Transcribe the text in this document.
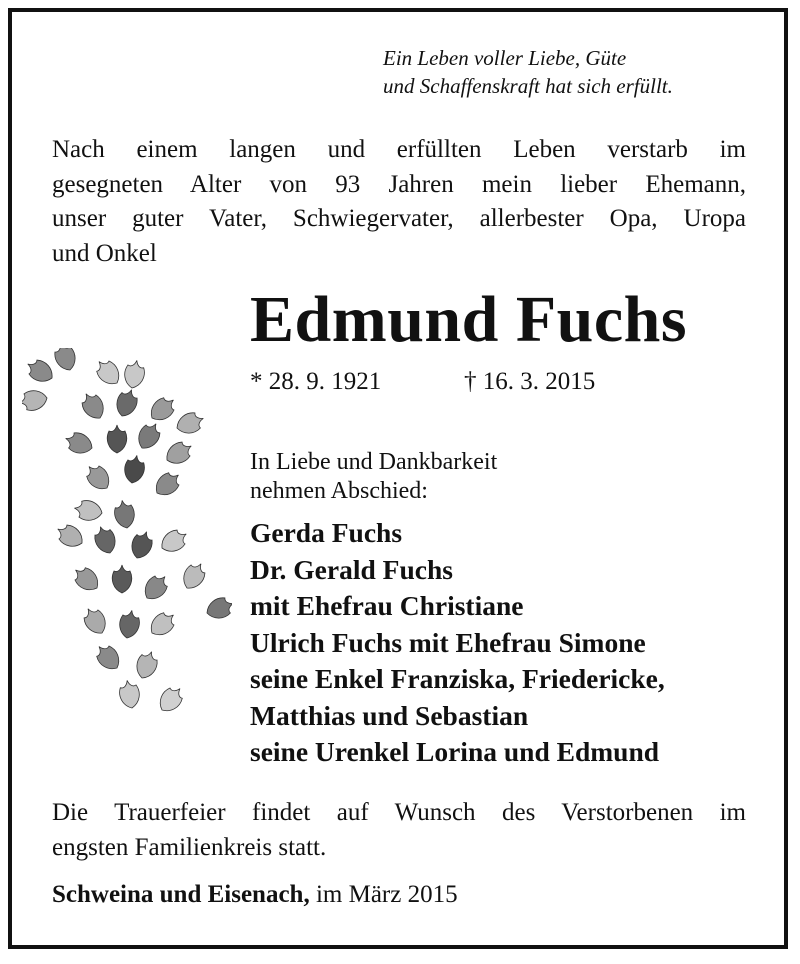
Ein Leben voller Liebe, Güte
und Schaffenskraft hat sich erfüllt.
Nach einem langen und erfüllten Leben verstarb im
gesegneten Alter von 93 Jahren mein lieber Ehemann,
unser guter Vater, Schwiegervater, allerbester Opa, Uropa
und Onkel
Edmund Fuchs
* 28. 9. 1921	† 16. 3. 2015
In Liebe und Dankbarkeit
nehmen Abschied:
Gerda Fuchs
Dr. Gerald Fuchs
mit Ehefrau Christiane
Ulrich Fuchs mit Ehefrau Simone
seine Enkel Franziska, Friedericke,
Matthias und Sebastian
seine Urenkel Lorina und Edmund
Die Trauerfeier findet auf Wunsch des Verstorbenen im
engsten Familienkreis statt.
Schweina und Eisenach, im März 2015
